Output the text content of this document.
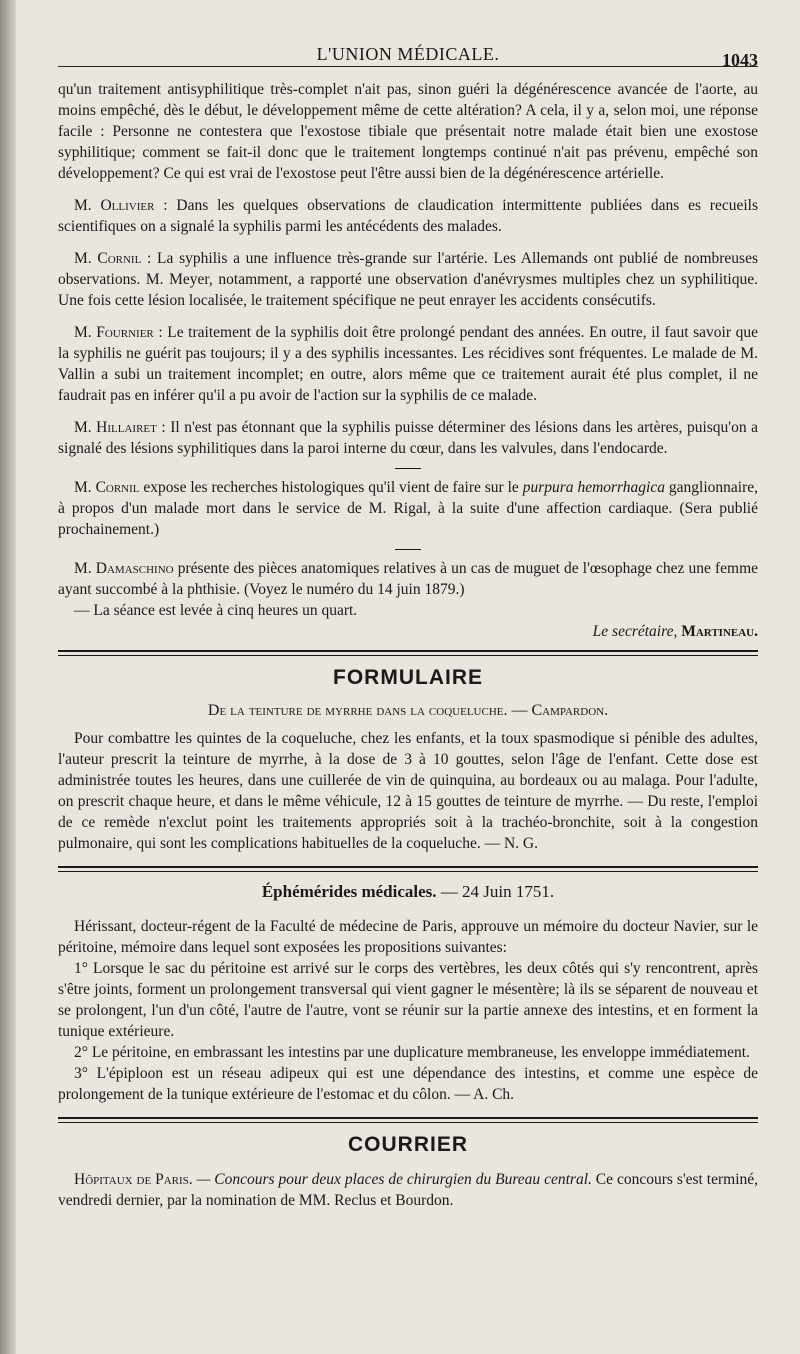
L'UNION MÉDICALE.	1043

qu'un traitement antisyphilitique très-complet n'ait pas, sinon guéri la dégénérescence avancée de l'aorte, au moins empêché, dès le début, le développement même de cette altération? A cela, il y a, selon moi, une réponse facile : Personne ne contestera que l'exostose tibiale que présentait notre malade était bien une exostose syphilitique; comment se fait-il donc que le traitement longtemps continué n'ait pas prévenu, empêché son développement? Ce qui est vrai de l'exostose peut l'être aussi bien de la dégénérescence artérielle.

M. Ollivier : Dans les quelques observations de claudication intermittente publiées dans es recueils scientifiques on a signalé la syphilis parmi les antécédents des malades.

M. Cornil : La syphilis a une influence très-grande sur l'artérie. Les Allemands ont publié de nombreuses observations. M. Meyer, notamment, a rapporté une observation d'anévrysmes multiples chez un syphilitique. Une fois cette lésion localisée, le traitement spécifique ne peut enrayer les accidents consécutifs.

M. Fournier : Le traitement de la syphilis doit être prolongé pendant des années. En outre, il faut savoir que la syphilis ne guérit pas toujours; il y a des syphilis incessantes. Les récidives sont fréquentes. Le malade de M. Vallin a subi un traitement incomplet; en outre, alors même que ce traitement aurait été plus complet, il ne faudrait pas en inférer qu'il a pu avoir de l'action sur la syphilis de ce malade.

M. Hillairet : Il n'est pas étonnant que la syphilis puisse déterminer des lésions dans les artères, puisqu'on a signalé des lésions syphilitiques dans la paroi interne du cœur, dans les valvules, dans l'endocarde.

M. Cornil expose les recherches histologiques qu'il vient de faire sur le purpura hemorrhagica ganglionnaire, à propos d'un malade mort dans le service de M. Rigal, à la suite d'une affection cardiaque. (Sera publié prochainement.)

M. Damaschino présente des pièces anatomiques relatives à un cas de muguet de l'œsophage chez une femme ayant succombé à la phthisie. (Voyez le numéro du 14 juin 1879.)

— La séance est levée à cinq heures un quart.

Le secrétaire, Martineau.
FORMULAIRE
De la teinture de myrrhe dans la coqueluche. — Campardon.

Pour combattre les quintes de la coqueluche, chez les enfants, et la toux spasmodique si pénible des adultes, l'auteur prescrit la teinture de myrrhe, à la dose de 3 à 10 gouttes, selon l'âge de l'enfant. Cette dose est administrée toutes les heures, dans une cuillerée de vin de quinquina, au bordeaux ou au malaga. Pour l'adulte, on prescrit chaque heure, et dans le même véhicule, 12 à 15 gouttes de teinture de myrrhe. — Du reste, l'emploi de ce remède n'exclut point les traitements appropriés soit à la trachéo-bronchite, soit à la congestion pulmonaire, qui sont les complications habituelles de la coqueluche. — N. G.

Éphémérides médicales. — 24 Juin 1751.

Hérissant, docteur-régent de la Faculté de médecine de Paris, approuve un mémoire du docteur Navier, sur le péritoine, mémoire dans lequel sont exposées les propositions suivantes:

1° Lorsque le sac du péritoine est arrivé sur le corps des vertèbres, les deux côtés qui s'y rencontrent, après s'être joints, forment un prolongement transversal qui vient gagner le mésentère; là ils se séparent de nouveau et se prolongent, l'un d'un côté, l'autre de l'autre, vont se réunir sur la partie annexe des intestins, et en forment la tunique extérieure.

2° Le péritoine, en embrassant les intestins par une duplicature membraneuse, les enveloppe immédiatement.

3° L'épiploon est un réseau adipeux qui est une dépendance des intestins, et comme une espèce de prolongement de la tunique extérieure de l'estomac et du côlon. — A. Ch.

COURRIER

Hôpitaux de Paris. — Concours pour deux places de chirurgien du Bureau central. Ce concours s'est terminé, vendredi dernier, par la nomination de MM. Reclus et Bourdon.
